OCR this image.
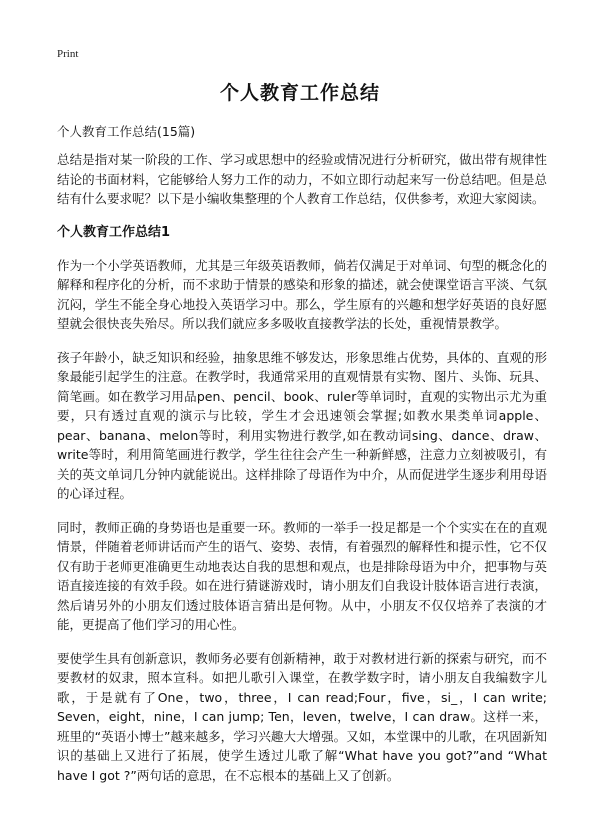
Print
个人教育工作总结
个人教育工作总结(15篇)

总结是指对某一阶段的工作、学习或思想中的经验或情况进行分析研究，做出带有规律性结论的书面材料，它能够给人努力工作的动力，不如立即行动起来写一份总结吧。但是总结有什么要求呢？以下是小编收集整理的个人教育工作总结，仅供参考，欢迎大家阅读。

个人教育工作总结1

作为一个小学英语教师，尤其是三年级英语教师，倘若仅满足于对单词、句型的概念化的解释和程序化的分析，而不求助于情景的感染和形象的描述，就会使课堂语言平淡、气氛沉闷，学生不能全身心地投入英语学习中。那么，学生原有的兴趣和想学好英语的良好愿望就会很快丧失殆尽。所以我们就应多多吸收直接教学法的长处，重视情景教学。

孩子年龄小，缺乏知识和经验，抽象思维不够发达，形象思维占优势，具体的、直观的形象最能引起学生的注意。在教学时，我通常采用的直观情景有实物、图片、头饰、玩具、简笔画。如在教学习用品pen、pencil、book、ruler等单词时，直观的实物出示尤为重要，只有透过直观的演示与比较，学生才会迅速领会掌握;如教水果类单词apple、pear、banana、melon等时，利用实物进行教学,如在教动词sing、dance、draw、write等时，利用简笔画进行教学，学生往往会产生一种新鲜感，注意力立刻被吸引，有关的英文单词几分钟内就能说出。这样排除了母语作为中介，从而促进学生逐步利用母语的心译过程。

同时，教师正确的身势语也是重要一环。教师的一举手一投足都是一个个实实在在的直观情景，伴随着老师讲话而产生的语气、姿势、表情，有着强烈的解释性和提示性，它不仅仅有助于老师更准确更生动地表达自我的思想和观点，也是排除母语为中介，把事物与英语直接连接的有效手段。如在进行猜谜游戏时，请小朋友们自我设计肢体语言进行表演，然后请另外的小朋友们透过肢体语言猜出是何物。从中，小朋友不仅仅培养了表演的才能，更提高了他们学习的用心性。

要使学生具有创新意识，教师务必要有创新精神，敢于对教材进行新的探索与研究，而不要教材的奴隶，照本宣科。如把儿歌引入课堂，在教学数字时，请小朋友自我编数字儿歌，于是就有了One，two，three，I can read;Four，five，si_，I can write; Seven，eight，nine，I can jump; Ten，leven，twelve，I can draw。这样一来，班里的“英语小博士”越来越多，学习兴趣大大增强。又如，本堂课中的儿歌，在巩固新知识的基础上又进行了拓展，使学生透过儿歌了解“What have you got?”and “What have I got ?”两句话的意思，在不忘根本的基础上又了创新。
